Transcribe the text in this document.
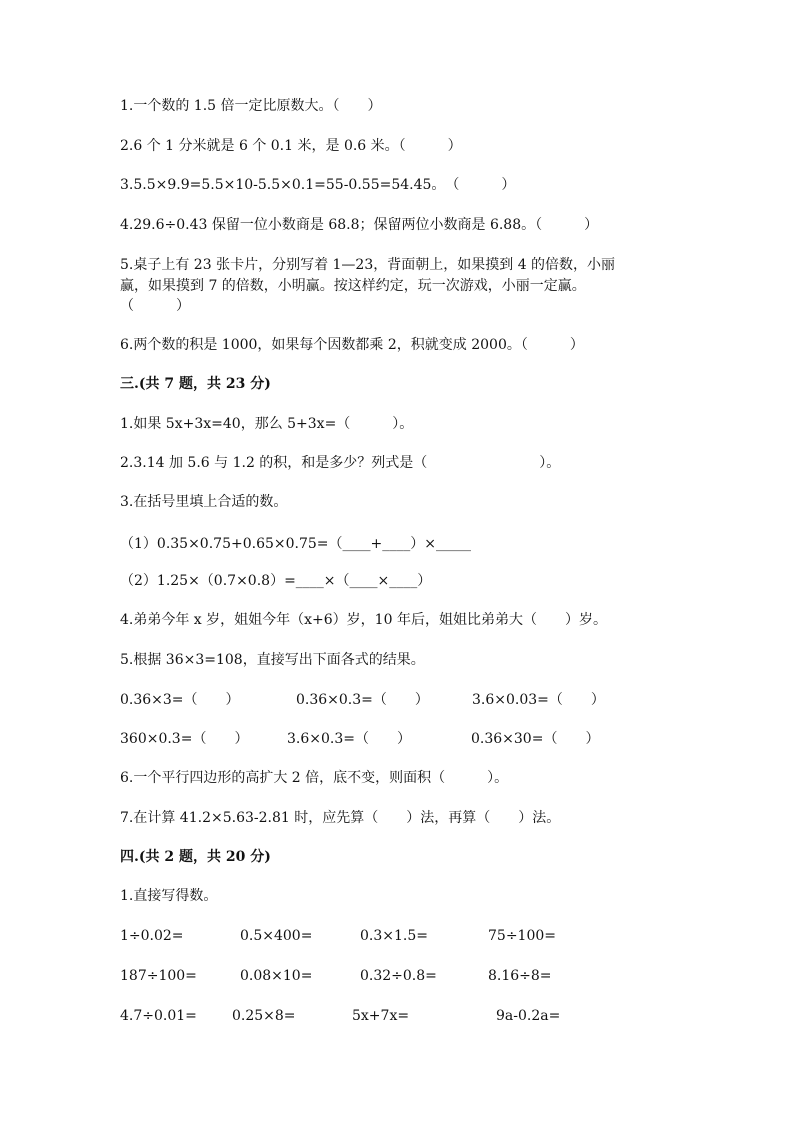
1.一个数的 1.5 倍一定比原数大。（　　）
2.6 个 1 分米就是 6 个 0.1 米，是 0.6 米。（　　　）
3.5.5×9.9=5.5×10-5.5×0.1=55-0.55=54.45。　（　　　）
4.29.6÷0.43 保留一位小数商是 68.8；保留两位小数商是 6.88。（　　　）
5.桌子上有 23 张卡片，分别写着 1—23，背面朝上，如果摸到 4 的倍数，小丽
赢，如果摸到 7 的倍数，小明赢。按这样约定，玩一次游戏，小丽一定赢。
（　　　）
6.两个数的积是 1000，如果每个因数都乘 2，积就变成 2000。（　　　）
三.(共 7 题，共 23 分)
1.如果 5x+3x=40，那么 5+3x=（　　　）。
2.3.14 加 5.6 与 1.2 的积，和是多少？列式是（　　　　　　　　）。
3.在括号里填上合适的数。
（1）0.35×0.75+0.65×0.75=（____+____）×_____
（2）1.25×（0.7×0.8）=____×（____×____）
4.弟弟今年 x 岁，姐姐今年（x+6）岁，10 年后，姐姐比弟弟大（　　）岁。
5.根据 36×3=108，直接写出下面各式的结果。
0.36×3=（　　）	0.36×0.3=（　　）	3.6×0.03=（　　）
360×0.3=（　　）	3.6×0.3=（　　）	0.36×30=（　　）
6.一个平行四边形的高扩大 2 倍，底不变，则面积（　　　）。
7.在计算 41.2×5.63-2.81 时，应先算（　　）法，再算（　　）法。
四.(共 2 题，共 20 分)
1.直接写得数。
1÷0.02=	0.5×400=	0.3×1.5=	75÷100=
187÷100=	0.08×10=	0.32÷0.8=	8.16÷8=
4.7÷0.01=	0.25×8=	5x+7x=	9a-0.2a=
